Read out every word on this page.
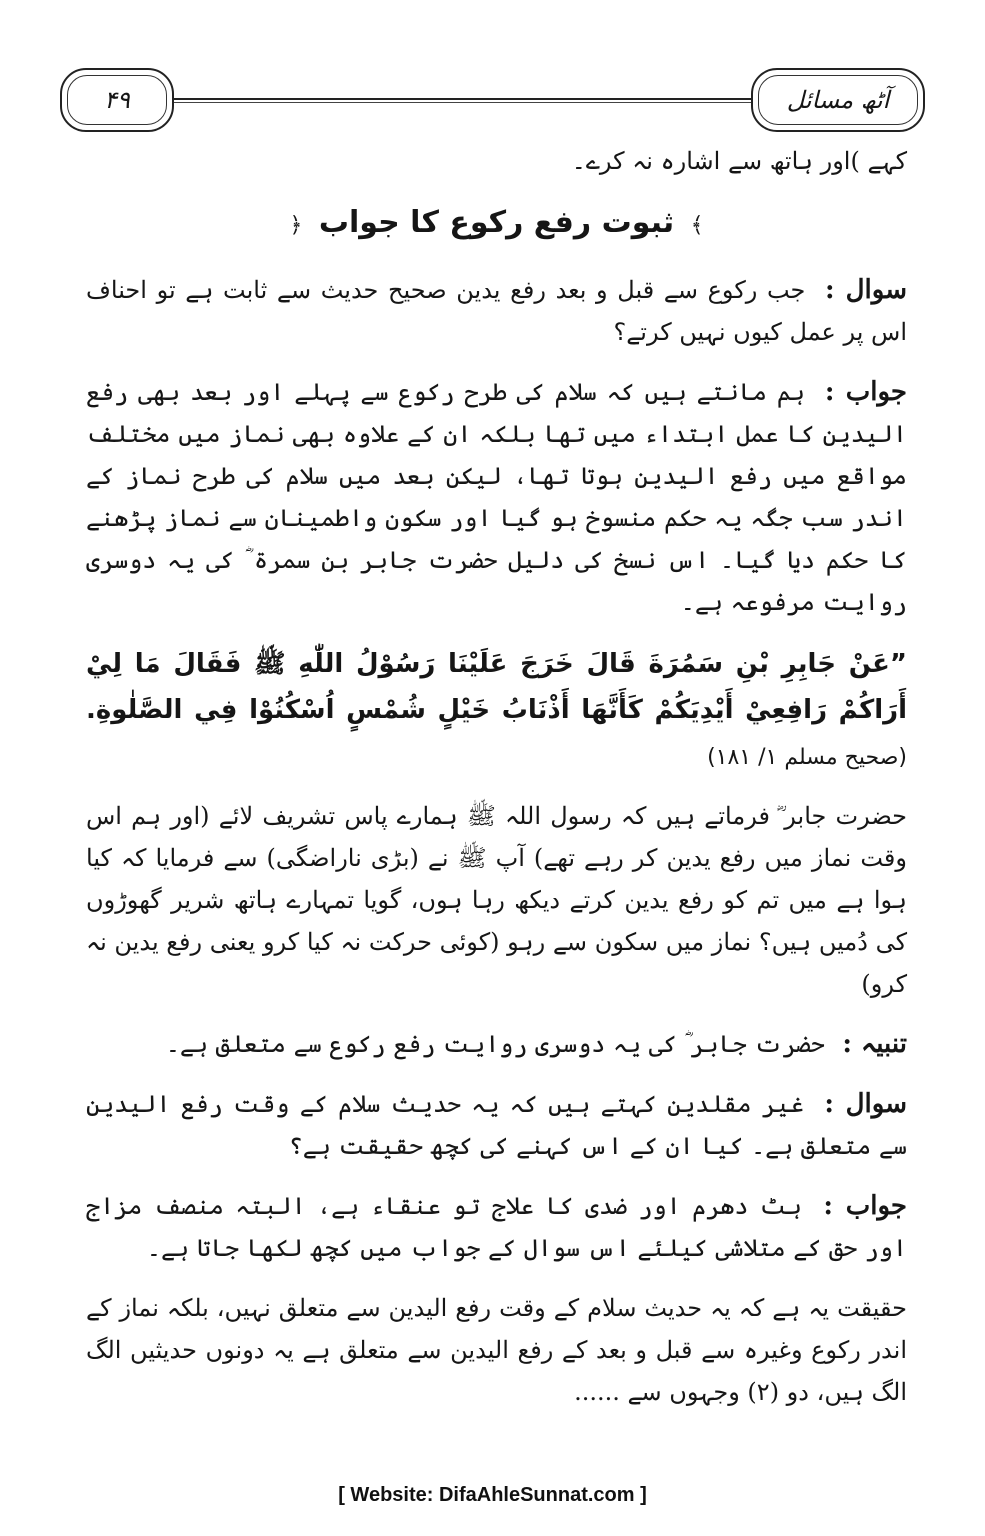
۴۹	آٹھ مسائل

کہے )اور ہاتھ سے اشارہ نہ کرے۔

﴾ ثبوت رفع رکوع کا جواب ﴿

سوال : جب رکوع سے قبل و بعد رفع یدین صحیح حدیث سے ثابت ہے تو احناف اس پر عمل کیوں نہیں کرتے؟

جواب : ہم مانتے ہیں کہ سلام کی طرح رکوع سے پہلے اور بعد بھی رفع الیدین کا عمل ابتداء میں تھا بلکہ ان کے علاوہ بھی نماز میں مختلف مواقع میں رفع الیدین ہوتا تھا، لیکن بعد میں سلام کی طرح نماز کے اندر سب جگہ یہ حکم منسوخ ہو گیا اور سکون واطمینان سے نماز پڑھنے کا حکم دیا گیا۔ اس نسخ کی دلیل حضرت جابر بن سمرۃ ؓ کی یہ دوسری روایت مرفوعہ ہے۔

”عَنْ جَابِرِ بْنِ سَمُرَةَ قَالَ خَرَجَ عَلَيْنَا رَسُوْلُ اللّٰهِ ﷺ فَقَالَ مَا لِيْ أَرَاكُمْ رَافِعِيْ أَيْدِيَكُمْ كَأَنَّهَا أَذْنَابُ خَيْلٍ شُمْسٍ اُسْكُنُوْا فِي الصَّلٰوةِ. (صحیح مسلم ۱/ ۱۸۱)

حضرت جابر ؓ فرماتے ہیں کہ رسول اللہ ﷺ ہمارے پاس تشریف لائے (اور ہم اس وقت نماز میں رفع یدین کر رہے تھے) آپ ﷺ نے (بڑی ناراضگی) سے فرمایا کہ کیا ہوا ہے میں تم کو رفع یدین کرتے دیکھ رہا ہوں، گویا تمہارے ہاتھ شریر گھوڑوں کی دُمیں ہیں؟ نماز میں سکون سے رہو (کوئی حرکت نہ کیا کرو یعنی رفع یدین نہ کرو)

تنبیہ : حضرت جابر ؓ کی یہ دوسری روایت رفع رکوع سے متعلق ہے۔

سوال : غیر مقلدین کہتے ہیں کہ یہ حدیث سلام کے وقت رفع الیدین سے متعلق ہے۔ کیا ان کے اس کہنے کی کچھ حقیقت ہے؟

جواب : ہٹ دھرم اور ضدی کا علاج تو عنقاء ہے، البتہ منصف مزاج اور حق کے متلاشی کیلئے اس سوال کے جواب میں کچھ لکھا جاتا ہے۔

حقیقت یہ ہے کہ یہ حدیث سلام کے وقت رفع الیدین سے متعلق نہیں، بلکہ نماز کے اندر رکوع وغیرہ سے قبل و بعد کے رفع الیدین سے متعلق ہے یہ دونوں حدیثیں الگ الگ ہیں، دو (۲) وجہوں سے ......

[ Website: DifaAhleSunnat.com ]
